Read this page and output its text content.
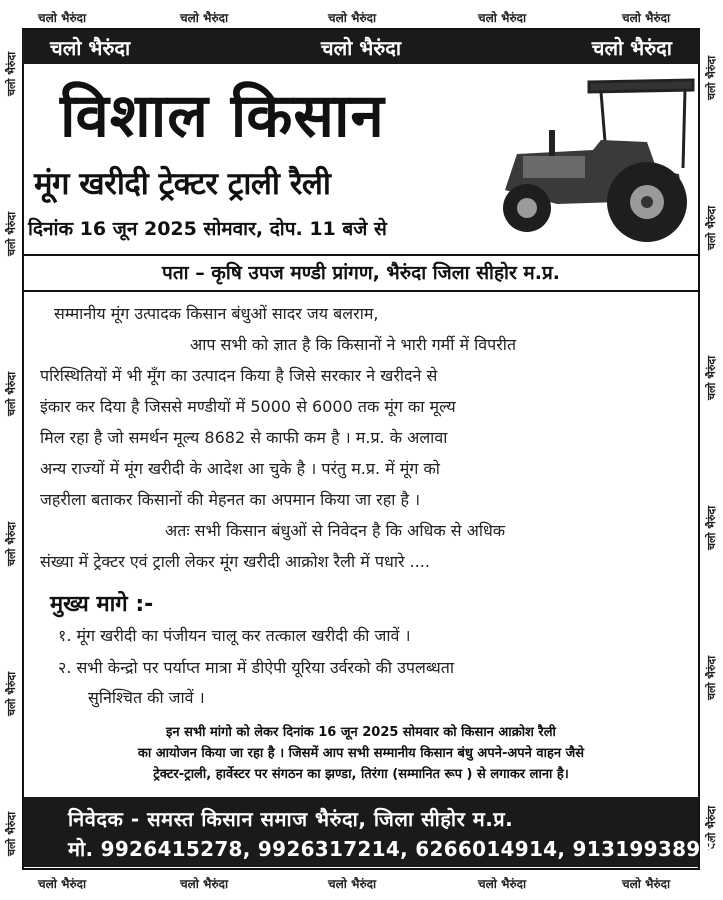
चलो भैरुंदा	चलो भैरुंदा	चलो भैरुंदा	चलो भैरुंदा	चलो भैरुंदा
चलो भैरुंदा	चलो भैरुंदा	चलो भैरुंदा	चलो भैरुंदा	चलो भैरुंदा
चलो भैरुंदा
चलो भैरुंदा
चलो भैरुंदा
चलो भैरुंदा
चलो भैरुंदा
चलो भैरुंदा
चलो भैरुंदा
चलो भैरुंदा
चलो भैरुंदा
चलो भैरुंदा
चलो भैरुंदा
चलो भैरुंदा
चलो भैरुंदा	चलो भैरुंदा	चलो भैरुंदा
विशाल किसान
मूंग खरीदी ट्रेक्टर ट्राली रैली
दिनांक 16 जून 2025 सोमवार, दोप. 11 बजे से
पता – कृषि उपज मण्डी प्रांगण, भैरुंदा जिला सीहोर म.प्र.

सम्मानीय मूंग उत्पादक किसान बंधुओं सादर जय बलराम,

आप सभी को ज्ञात है कि किसानों ने भारी गर्मी में विपरीत

परिस्थितियों में भी मूँग का उत्पादन किया है जिसे सरकार ने खरीदने से

इंकार कर दिया है जिससे मण्डीयों में 5000 से 6000 तक मूंग का मूल्य

मिल रहा है जो समर्थन मूल्य 8682 से काफी कम है । म.प्र. के अलावा

अन्य राज्यों में मूंग खरीदी के आदेश आ चुके है । परंतु म.प्र. में मूंग को

जहरीला बताकर किसानों की मेहनत का अपमान किया जा रहा है ।

अतः सभी किसान बंधुओं से निवेदन है कि अधिक से अधिक

संख्या में ट्रेक्टर एवं ट्राली लेकर मूंग खरीदी आक्रोश रैली में पधारे ....

मुख्य मागे :-
१. मूंग खरीदी का पंजीयन चालू कर तत्काल खरीदी की जावें ।
२. सभी केन्द्रो पर पर्याप्त मात्रा में डीऐपी यूरिया उर्वरको की उपलब्धता
सुनिश्चित की जावें ।

इन सभी मांगो को लेकर दिनांक 16 जून 2025 सोमवार को किसान आक्रोश रैली

का आयोजन किया जा रहा है । जिसमें आप सभी सम्मानीय किसान बंधु अपने-अपने वाहन जैसे

ट्रेक्टर-ट्राली, हार्वेस्टर पर संगठन का झण्डा, तिरंगा (सम्मानित रूप ) से लगाकर लाना है।

निवेदक - समस्त किसान समाज भैरुंदा, जिला सीहोर म.प्र.
मो. 9926415278, 9926317214, 6266014914, 9131993898
